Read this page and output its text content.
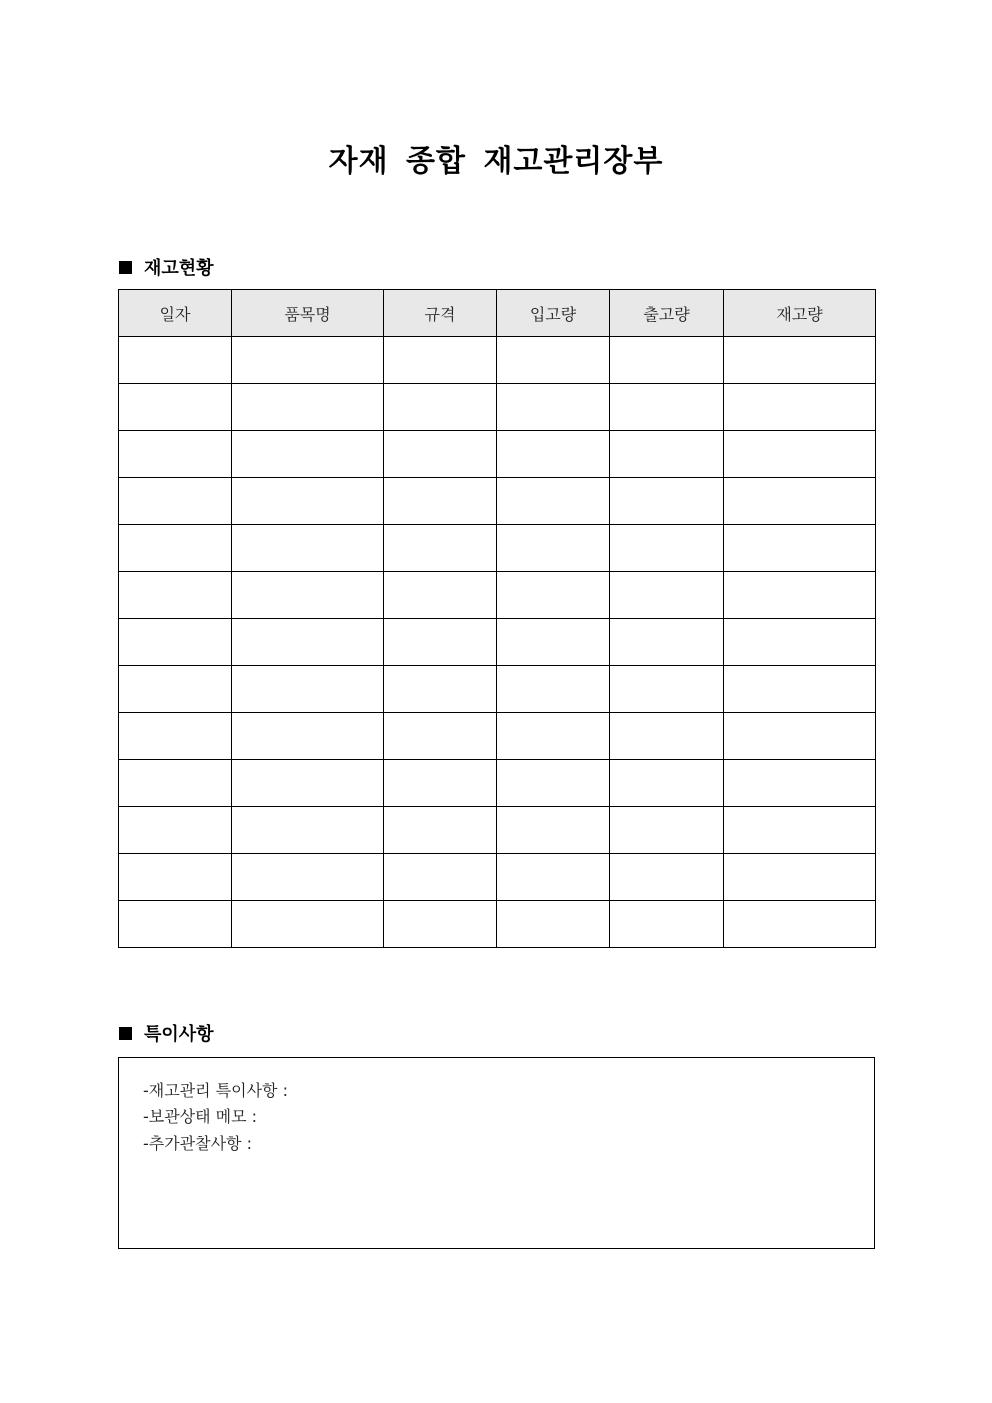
자재 종합 재고관리장부
재고현황
일자	품목명	규격	입고량	출고량	재고량

특이사항
-재고관리 특이사항 :
-보관상태 메모 :
-추가관찰사항 :
